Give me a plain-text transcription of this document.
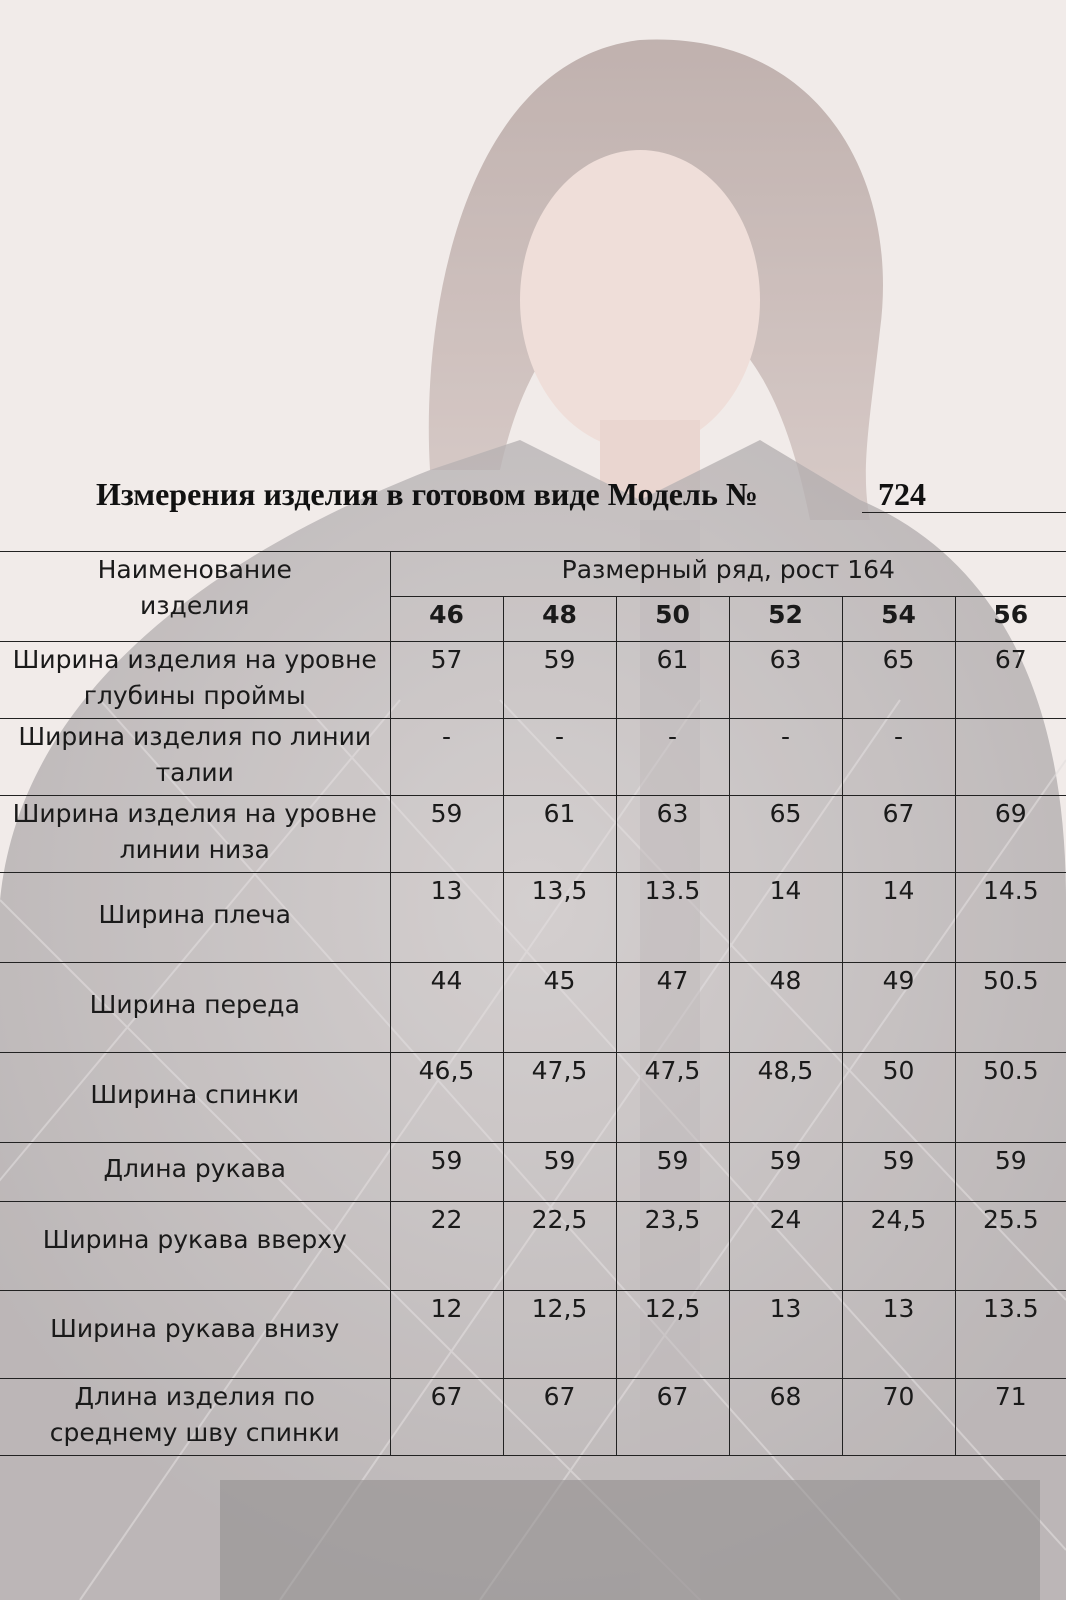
Измерения изделия в готовом виде Модель №	724
Наименование изделия	Размерный ряд, рост 164					
	46	48	50	52	54	56
Ширина изделия на уровне глубины проймы	57	59	61	63	65	67
Ширина изделия по линии талии	-	-	-	-	-	
Ширина изделия на уровне линии низа	59	61	63	65	67	69
Ширина плеча	13	13,5	13.5	14	14	14.5
Ширина переда	44	45	47	48	49	50.5
Ширина спинки	46,5	47,5	47,5	48,5	50	50.5
Длина рукава	59	59	59	59	59	59
Ширина рукава вверху	22	22,5	23,5	24	24,5	25.5
Ширина рукава внизу	12	12,5	12,5	13	13	13.5
Длина изделия по среднему шву спинки	67	67	67	68	70	71
